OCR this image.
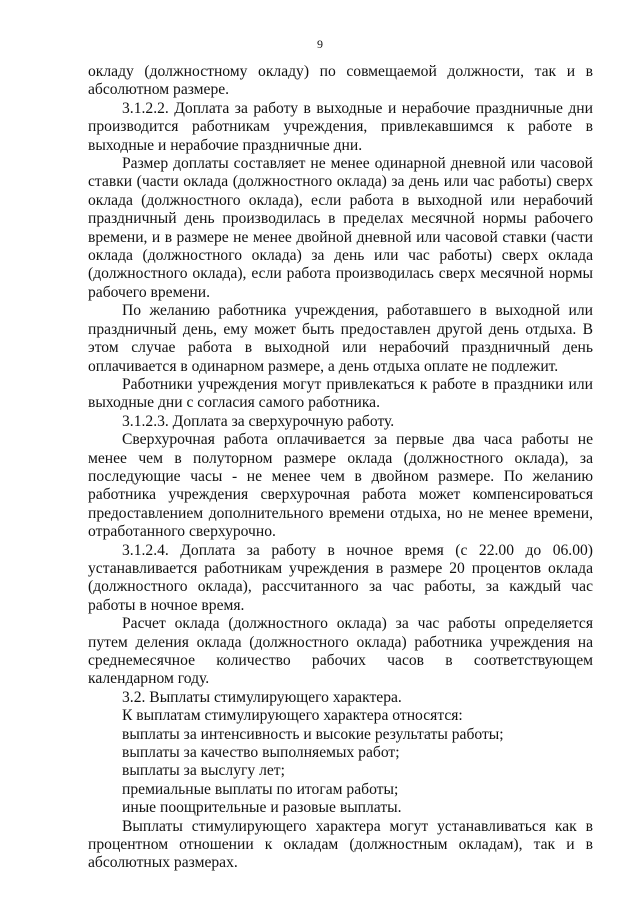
9

окладу (должностному окладу) по совмещаемой должности, так и в абсолютном размере.

3.1.2.2. Доплата за работу в выходные и нерабочие праздничные дни производится работникам учреждения, привлекавшимся к работе в выходные и нерабочие праздничные дни.

Размер доплаты составляет не менее одинарной дневной или часовой ставки (части оклада (должностного оклада) за день или час работы) сверх оклада (должностного оклада), если работа в выходной или нерабочий праздничный день производилась в пределах месячной нормы рабочего времени, и в размере не менее двойной дневной или часовой ставки (части оклада (должностного оклада) за день или час работы) сверх оклада (должностного оклада), если работа производилась сверх месячной нормы рабочего времени.

По желанию работника учреждения, работавшего в выходной или праздничный день, ему может быть предоставлен другой день отдыха. В этом случае работа в выходной или нерабочий праздничный день оплачивается в одинарном размере, а день отдыха оплате не подлежит.

Работники учреждения могут привлекаться к работе в праздники или выходные дни с согласия самого работника.

3.1.2.3. Доплата за сверхурочную работу.

Сверхурочная работа оплачивается за первые два часа работы не менее чем в полуторном размере оклада (должностного оклада), за последующие часы - не менее чем в двойном размере. По желанию работника учреждения сверхурочная работа может компенсироваться предоставлением дополнительного времени отдыха, но не менее времени, отработанного сверхурочно.

3.1.2.4. Доплата за работу в ночное время (с 22.00 до 06.00) устанавливается работникам учреждения в размере 20 процентов оклада (должностного оклада), рассчитанного за час работы, за каждый час работы в ночное время.

Расчет оклада (должностного оклада) за час работы определяется путем деления оклада (должностного оклада) работника учреждения на среднемесячное количество рабочих часов в соответствующем календарном году.

3.2. Выплаты стимулирующего характера.

К выплатам стимулирующего характера относятся:

выплаты за интенсивность и высокие результаты работы;

выплаты за качество выполняемых работ;

выплаты за выслугу лет;

премиальные выплаты по итогам работы;

иные поощрительные и разовые выплаты.

Выплаты стимулирующего характера могут устанавливаться как в процентном отношении к окладам (должностным окладам), так и в абсолютных размерах.
